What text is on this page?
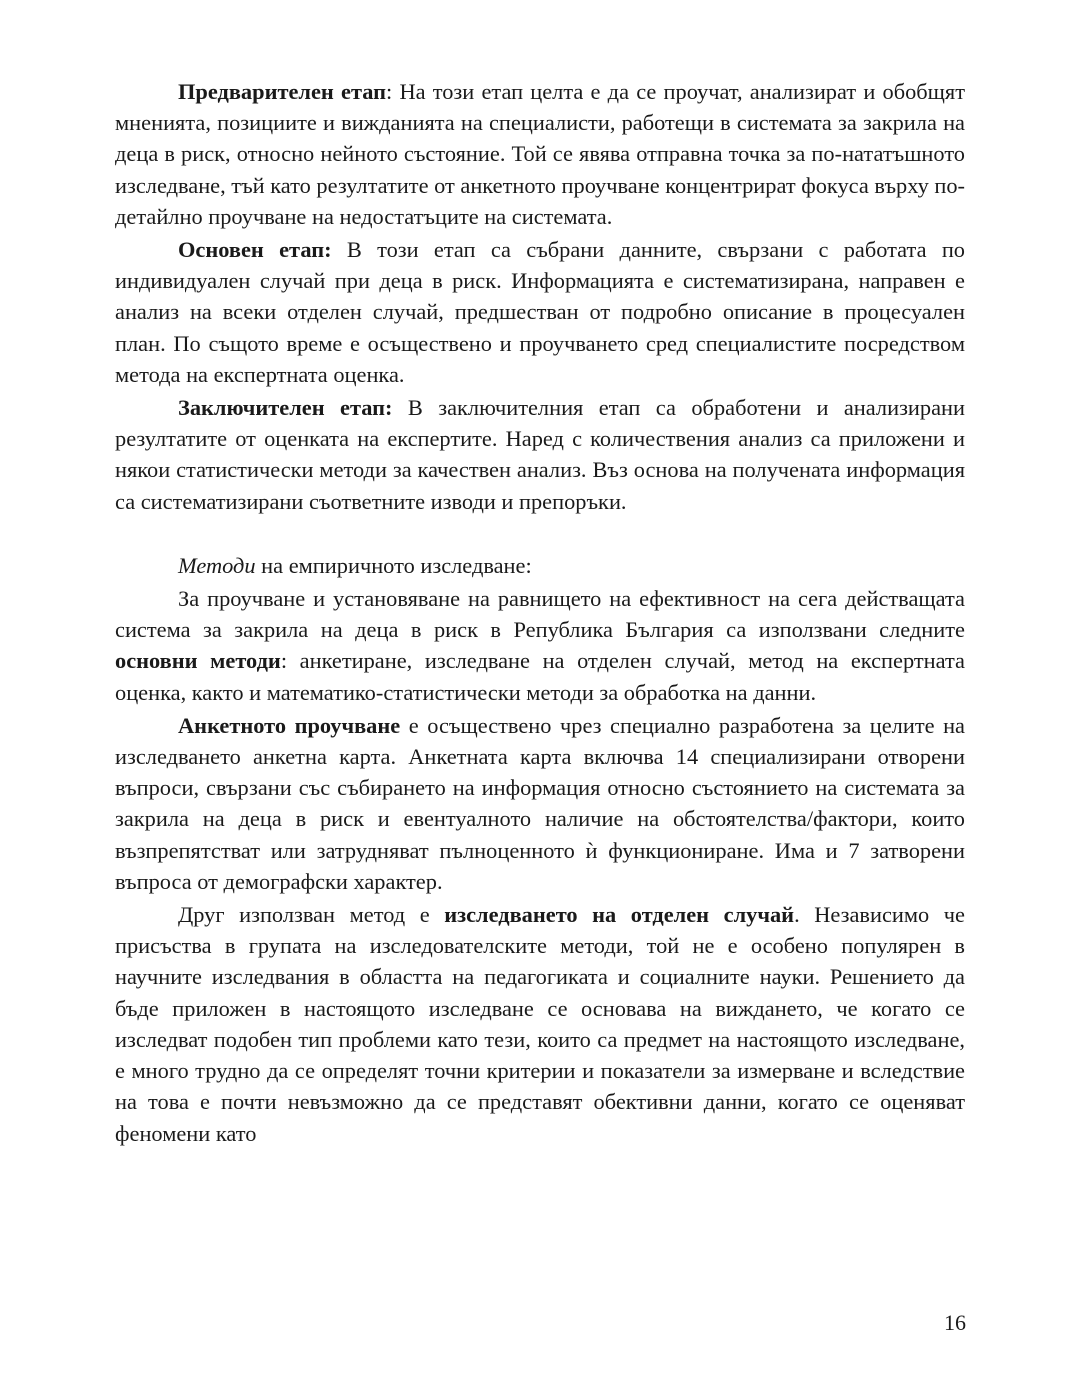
Предварителен етап: На този етап целта е да се проучат, анализират и обобщят мненията, позициите и вижданията на специалисти, работещи в системата за закрила на деца в риск, относно нейното състояние. Той се явява отправна точка за по-нататъшното изследване, тъй като резултатите от анкетното проучване концентрират фокуса върху по-детайлно проучване на недостатъците на системата.

Основен етап: В този етап са събрани данните, свързани с работата по индивидуален случай при деца в риск. Информацията е систематизирана, направен е анализ на всеки отделен случай, предшестван от подробно описание в процесуален план. По същото време е осъществено и проучването сред специалистите посредством метода на експертната оценка.

Заключителен етап: В заключителния етап са обработени и анализирани резултатите от оценката на експертите. Наред с количествения анализ са приложени и някои статистически методи за качествен анализ. Въз основа на получената информация са систематизирани съответните изводи и препоръки.

Методи на емпиричното изследване:

За проучване и установяване на равнището на ефективност на сега действащата система за закрила на деца в риск в Република България са използвани следните основни методи: анкетиране, изследване на отделен случай, метод на експертната оценка, както и математико-статистически методи за обработка на данни.

Анкетното проучване е осъществено чрез специално разработена за целите на изследването анкетна карта. Анкетната карта включва 14 специализирани отворени въпроси, свързани със събирането на информация относно състоянието на системата за закрила на деца в риск и евентуалното наличие на обстоятелства/фактори, които възпрепятстват или затрудняват пълноценното ѝ функциониране. Има и 7 затворени въпроса от демографски характер.

Друг използван метод е изследването на отделен случай. Независимо че присъства в групата на изследователските методи, той не е особено популярен в научните изследвания в областта на педагогиката и социалните науки. Решението да бъде приложен в настоящото изследване се основава на виждането, че когато се изследват подобен тип проблеми като тези, които са предмет на настоящото изследване, е много трудно да се определят точни критерии и показатели за измерване и вследствие на това е почти невъзможно да се представят обективни данни, когато се оценяват феномени като

16
